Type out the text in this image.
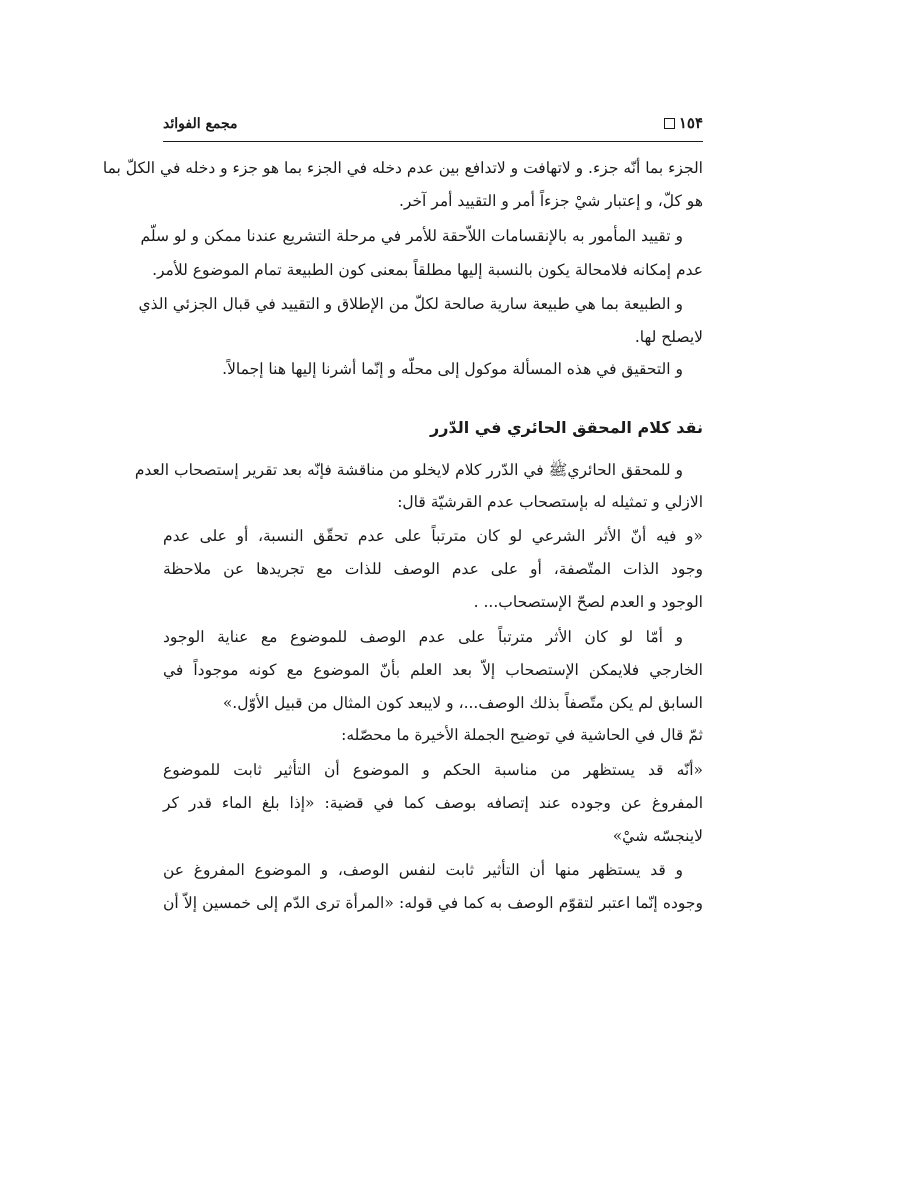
مجمع الفوائد	١٥۴
الجزء بما أنّه جزء. و لاتهافت و لاتدافع بين عدم دخله في الجزء بما هو جزء و دخله في الكلّ بما
هو كلّ، و إعتبار شيْ جزءاً أمر و التقييد أمر آخر.
و تقييد المأمور به بالإنقسامات اللاّحقة للأمر في مرحلة التشريع عندنا ممكن و لو سلّم
عدم إمكانه فلامحالة يكون بالنسبة إليها مطلقاً بمعنى كون الطبيعة تمام الموضوع للأمر.
و الطبيعة بما هي طبيعة سارية صالحة لكلّ من الإطلاق و التقييد في قبال الجزئي الذي
لايصلح لها.
و التحقيق في هذه المسألة موكول إلى محلّه و إنّما أشرنا إليها هنا إجمالاً.
نقد كلام المحقق الحائري في الدّرر
و للمحقق الحائري‌ﷺ في الدّرر كلام لايخلو من مناقشة فإنّه بعد تقرير إستصحاب العدم
الازلي و تمثيله له بإستصحاب عدم القرشيّة قال:
«و فيه أنّ الأثر الشرعي لو كان مترتباً على عدم تحقّق النسبة، أو على عدم
وجود الذات المتّصفة، أو على عدم الوصف للذات مع تجريدها عن ملاحظة
الوجود و العدم لصحّ الإستصحاب... .
و أمّا لو كان الأثر مترتباً على عدم الوصف للموضوع مع عناية الوجود
الخارجي فلايمكن الإستصحاب إلاّ بعد العلم بأنّ الموضوع مع كونه موجوداً في
السابق لم يكن متّصفاً بذلك الوصف...، و لايبعد كون المثال من قبيل الأوّل.»
ثمّ قال في الحاشية في توضيح الجملة الأخيرة ما محصّله:
«أنّه قد يستظهر من مناسبة الحكم و الموضوع أن التأثير ثابت للموضوع
المفروغ عن وجوده عند إتصافه بوصف كما في قضية: «إذا بلغ الماء قدر كر
لاينجسّه شيْ»
و قد يستظهر منها أن التأثير ثابت لنفس الوصف، و الموضوع المفروغ عن
وجوده إنّما اعتبر لتقوّم الوصف به كما في قوله: «المرأة ترى الدّم إلى خمسين إلاّ أن
